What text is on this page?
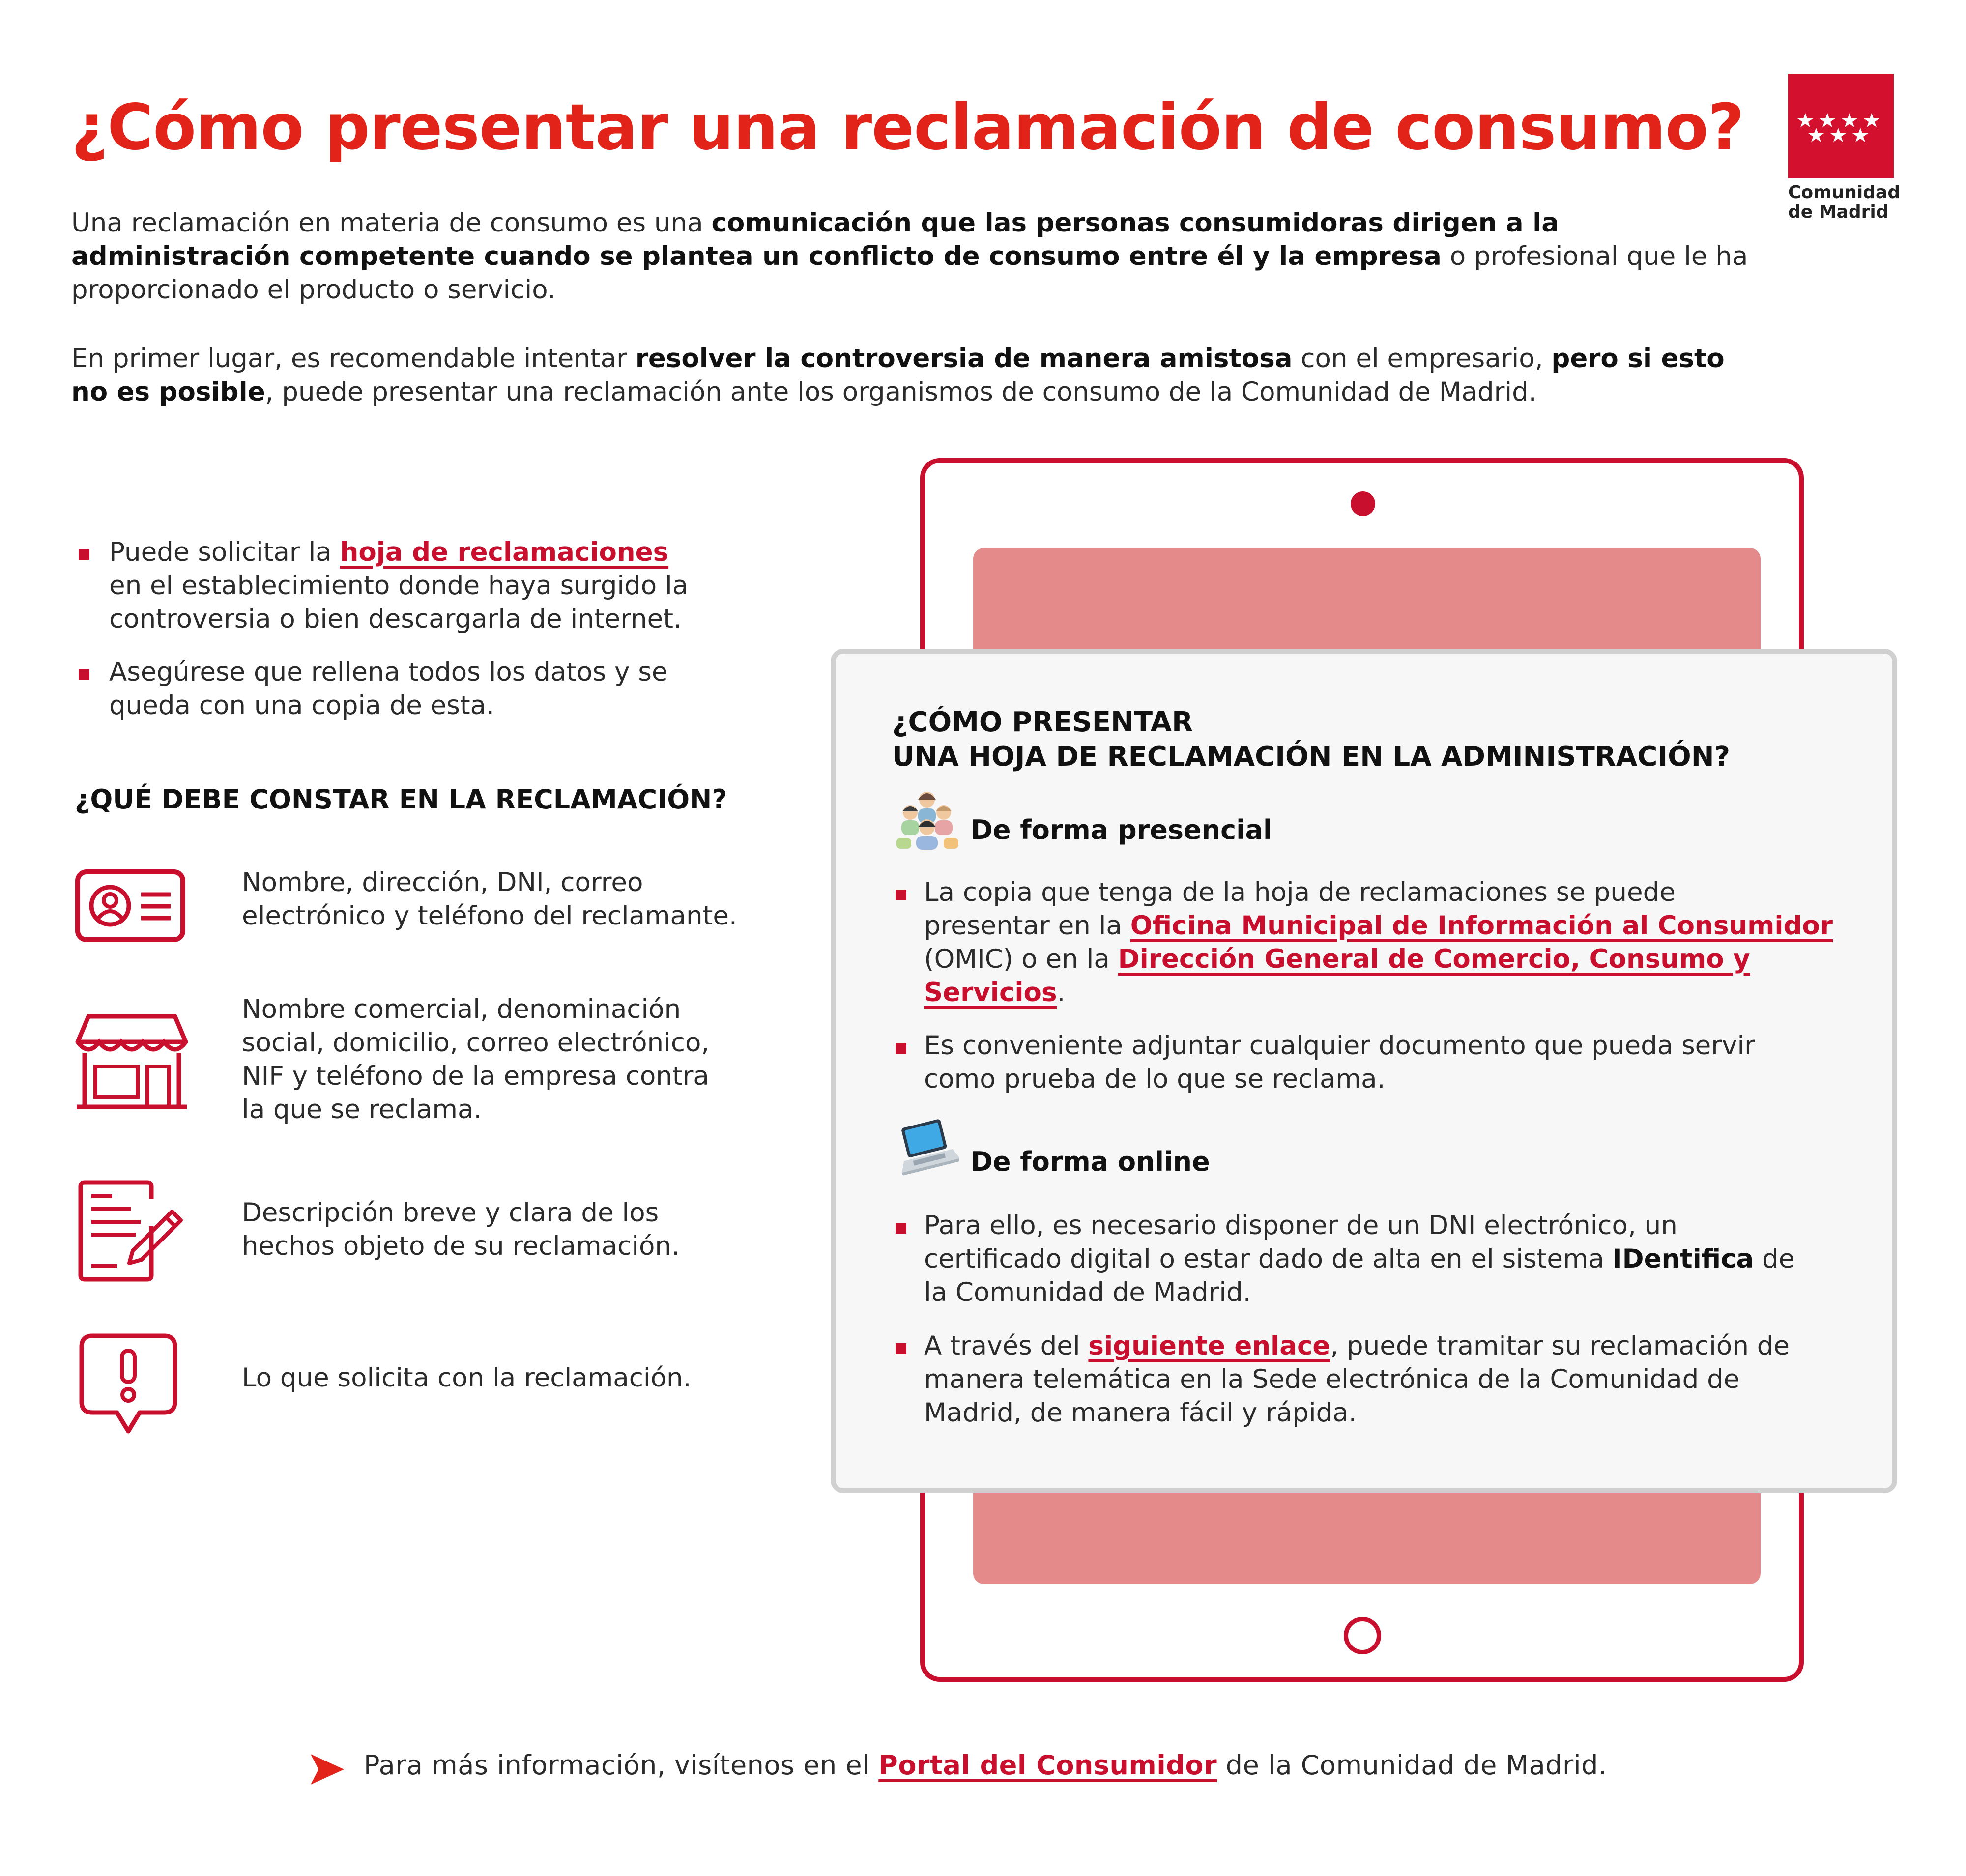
¿Cómo presentar una reclamación de consumo?
Comunidad
de Madrid
Una reclamación en materia de consumo es una comunicación que las personas consumidoras dirigen a la
administración competente cuando se plantea un conflicto de consumo entre él y la empresa o profesional que le ha
proporcionado el producto o servicio.
En primer lugar, es recomendable intentar resolver la controversia de manera amistosa con el empresario, pero si esto
no es posible, puede presentar una reclamación ante los organismos de consumo de la Comunidad de Madrid.
Puede solicitar la hoja de reclamaciones
en el establecimiento donde haya surgido la
controversia o bien descargarla de internet.
Asegúrese que rellena todos los datos y se
queda con una copia de esta.
¿QUÉ DEBE CONSTAR EN LA RECLAMACIÓN?
Nombre, dirección, DNI, correo
electrónico y teléfono del reclamante.
Nombre comercial, denominación
social, domicilio, correo electrónico,
NIF y teléfono de la empresa contra
la que se reclama.
Descripción breve y clara de los
hechos objeto de su reclamación.
Lo que solicita con la reclamación.
¿CÓMO PRESENTAR
UNA HOJA DE RECLAMACIÓN EN LA ADMINISTRACIÓN?
De forma presencial
La copia que tenga de la hoja de reclamaciones se puede
presentar en la Oficina Municipal de Información al Consumidor
(OMIC) o en la Dirección General de Comercio, Consumo y
Servicios.
Es conveniente adjuntar cualquier documento que pueda servir
como prueba de lo que se reclama.
De forma online
Para ello, es necesario disponer de un DNI electrónico, un
certificado digital o estar dado de alta en el sistema IDentifica de
la Comunidad de Madrid.
A través del siguiente enlace, puede tramitar su reclamación de
manera telemática en la Sede electrónica de la Comunidad de
Madrid, de manera fácil y rápida.
Para más información, visítenos en el Portal del Consumidor de la Comunidad de Madrid.
